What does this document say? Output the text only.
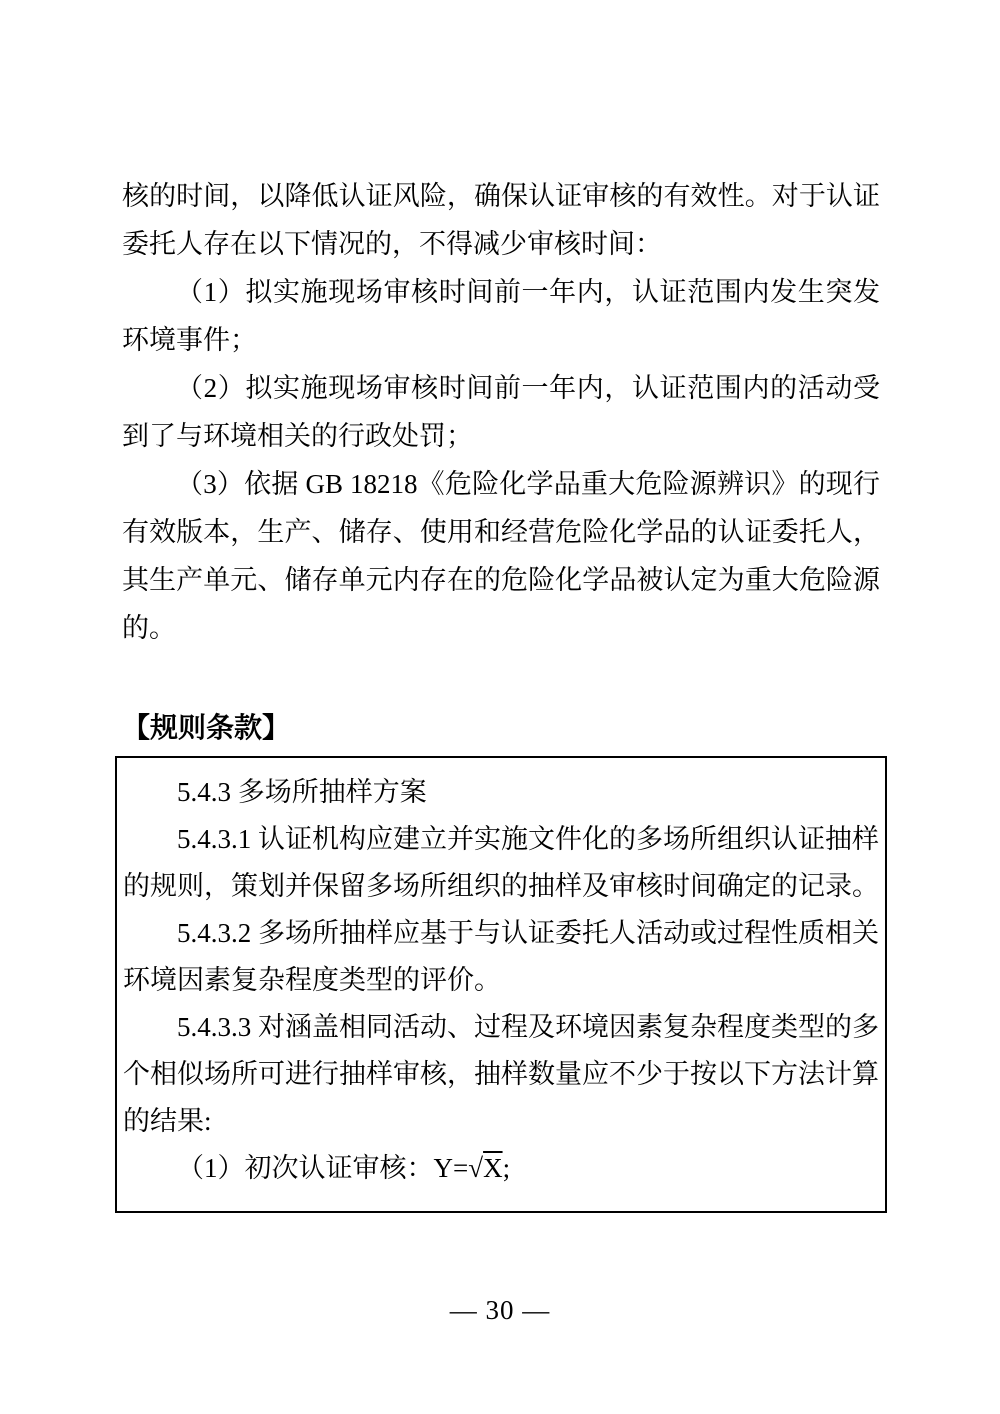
核的时间，以降低认证风险，确保认证审核的有效性。对于认证委托人存在以下情况的，不得减少审核时间：

（1）拟实施现场审核时间前一年内，认证范围内发生突发环境事件；

（2）拟实施现场审核时间前一年内，认证范围内的活动受到了与环境相关的行政处罚；

（3）依据 GB 18218《危险化学品重大危险源辨识》的现行有效版本，生产、储存、使用和经营危险化学品的认证委托人，其生产单元、储存单元内存在的危险化学品被认定为重大危险源的。

【规则条款】

5.4.3 多场所抽样方案

5.4.3.1 认证机构应建立并实施文件化的多场所组织认证抽样的规则，策划并保留多场所组织的抽样及审核时间确定的记录。

5.4.3.2 多场所抽样应基于与认证委托人活动或过程性质相关环境因素复杂程度类型的评价。

5.4.3.3 对涵盖相同活动、过程及环境因素复杂程度类型的多个相似场所可进行抽样审核，抽样数量应不少于按以下方法计算的结果:

（1）初次认证审核：Y=√X;

— 30 —
